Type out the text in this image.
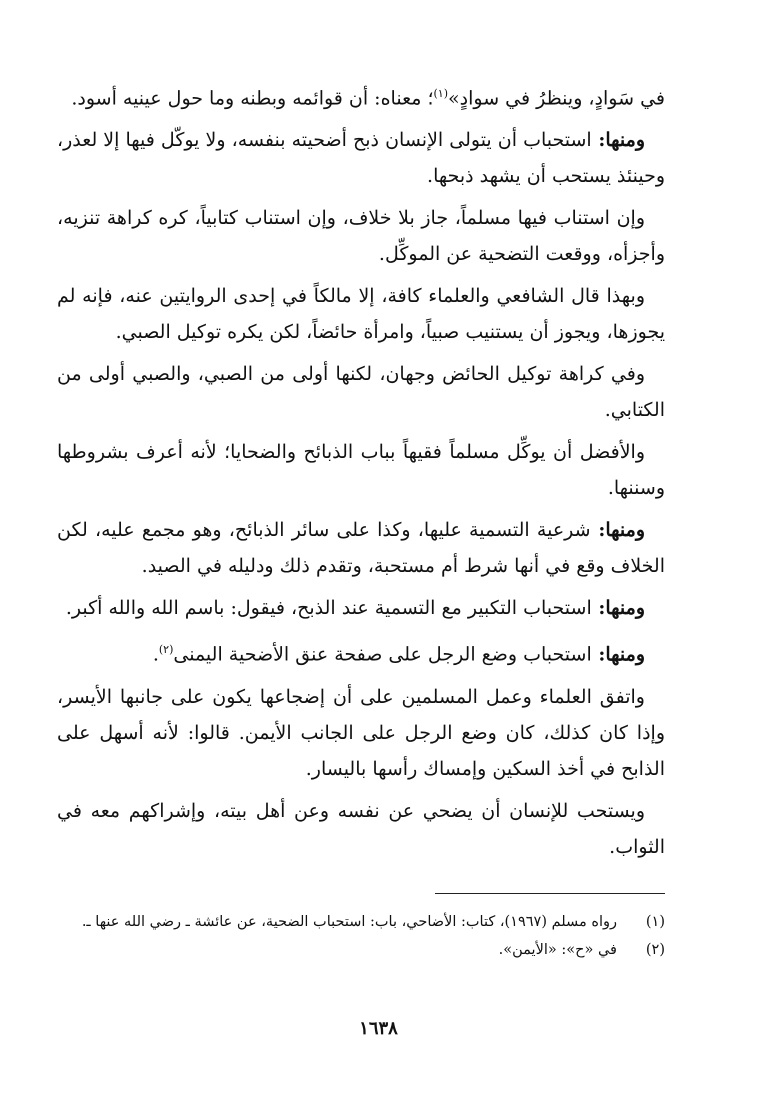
في سَوادٍ، وينظرُ في سوادٍ»$^{(١)}$؛ معناه: أن قوائمه وبطنه وما حول عينيه أسود.

ومنها: استحباب أن يتولى الإنسان ذبح أضحيته بنفسه، ولا يوكّل فيها إلا لعذر، وحينئذ يستحب أن يشهد ذبحها.

وإن استناب فيها مسلماً، جاز بلا خلاف، وإن استناب كتابياً، كره كراهة تنزيه، وأجزأه، ووقعت التضحية عن الموكِّل.

وبهذا قال الشافعي والعلماء كافة، إلا مالكاً في إحدى الروايتين عنه، فإنه لم يجوزها، ويجوز أن يستنيب صبياً، وامرأة حائضاً، لكن يكره توكيل الصبي.

وفي كراهة توكيل الحائض وجهان، لكنها أولى من الصبي، والصبي أولى من الكتابي.

والأفضل أن يوكِّل مسلماً فقيهاً بباب الذبائح والضحايا؛ لأنه أعرف بشروطها وسننها.

ومنها: شرعية التسمية عليها، وكذا على سائر الذبائح، وهو مجمع عليه، لكن الخلاف وقع في أنها شرط أم مستحبة، وتقدم ذلك ودليله في الصيد.

ومنها: استحباب التكبير مع التسمية عند الذبح، فيقول: باسم الله والله أكبر.

ومنها: استحباب وضع الرجل على صفحة عنق الأضحية اليمنى$^{(٢)}$.

واتفق العلماء وعمل المسلمين على أن إضجاعها يكون على جانبها الأيسر، وإذا كان كذلك، كان وضع الرجل على الجانب الأيمن. قالوا: لأنه أسهل على الذابح في أخذ السكين وإمساك رأسها باليسار.

ويستحب للإنسان أن يضحي عن نفسه وعن أهل بيته، وإشراكهم معه في الثواب.

(١)
رواه مسلم (١٩٦٧)، كتاب: الأضاحي، باب: استحباب الضحية، عن عائشة ـ رضي الله عنها ـ.
(٢)
في «ح»: «الأيمن».
١٦٣٨
